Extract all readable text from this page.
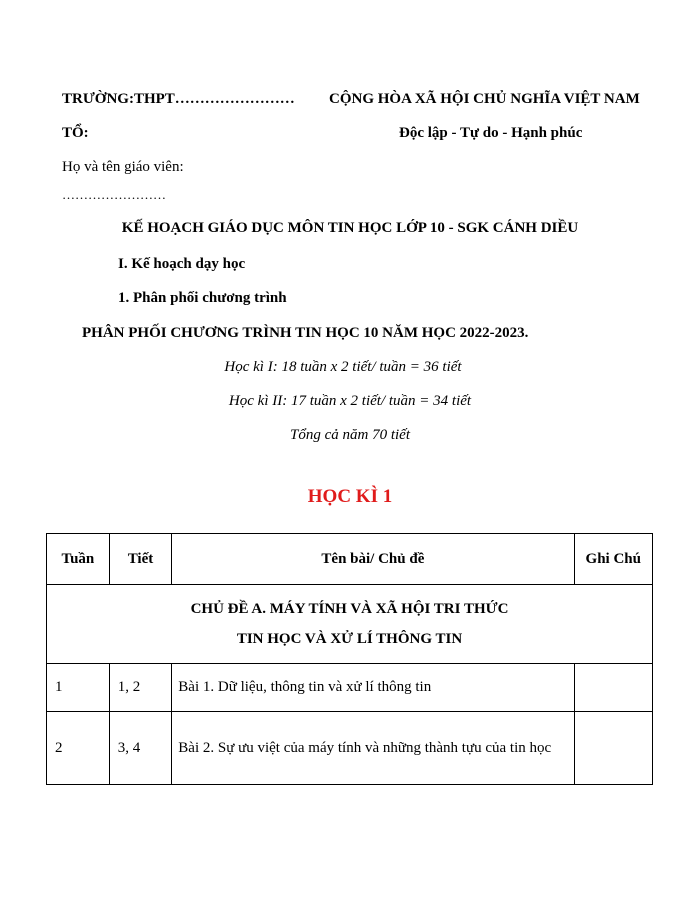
TRƯỜNG:THPT…………………… CỘNG HÒA XÃ HỘI CHỦ NGHĨA VIỆT NAM
TỔ:	Độc lập - Tự do - Hạnh phúc
Họ và tên giáo viên:
……………………
KẾ HOẠCH GIÁO DỤC MÔN TIN HỌC LỚP 10 - SGK CÁNH DIỀU
I. Kế hoạch dạy học
1. Phân phối chương trình
PHÂN PHỐI CHƯƠNG TRÌNH TIN HỌC 10 NĂM HỌC 2022-2023.
Học kì I: 18 tuần x 2 tiết/ tuần = 36 tiết
Học kì II: 17 tuần x 2 tiết/ tuần = 34 tiết
Tổng cả năm 70 tiết
HỌC KÌ 1
Tuần	Tiết	Tên bài/ Chủ đề	Ghi Chú

CHỦ ĐỀ A. MÁY TÍNH VÀ XÃ HỘI TRI THỨC
TIN HỌC VÀ XỬ LÍ THÔNG TIN			

1	1, 2	Bài 1. Dữ liệu, thông tin và xử lí thông tin	
2	3, 4	Bài 2. Sự ưu việt của máy tính và những thành tựu của tin học	
